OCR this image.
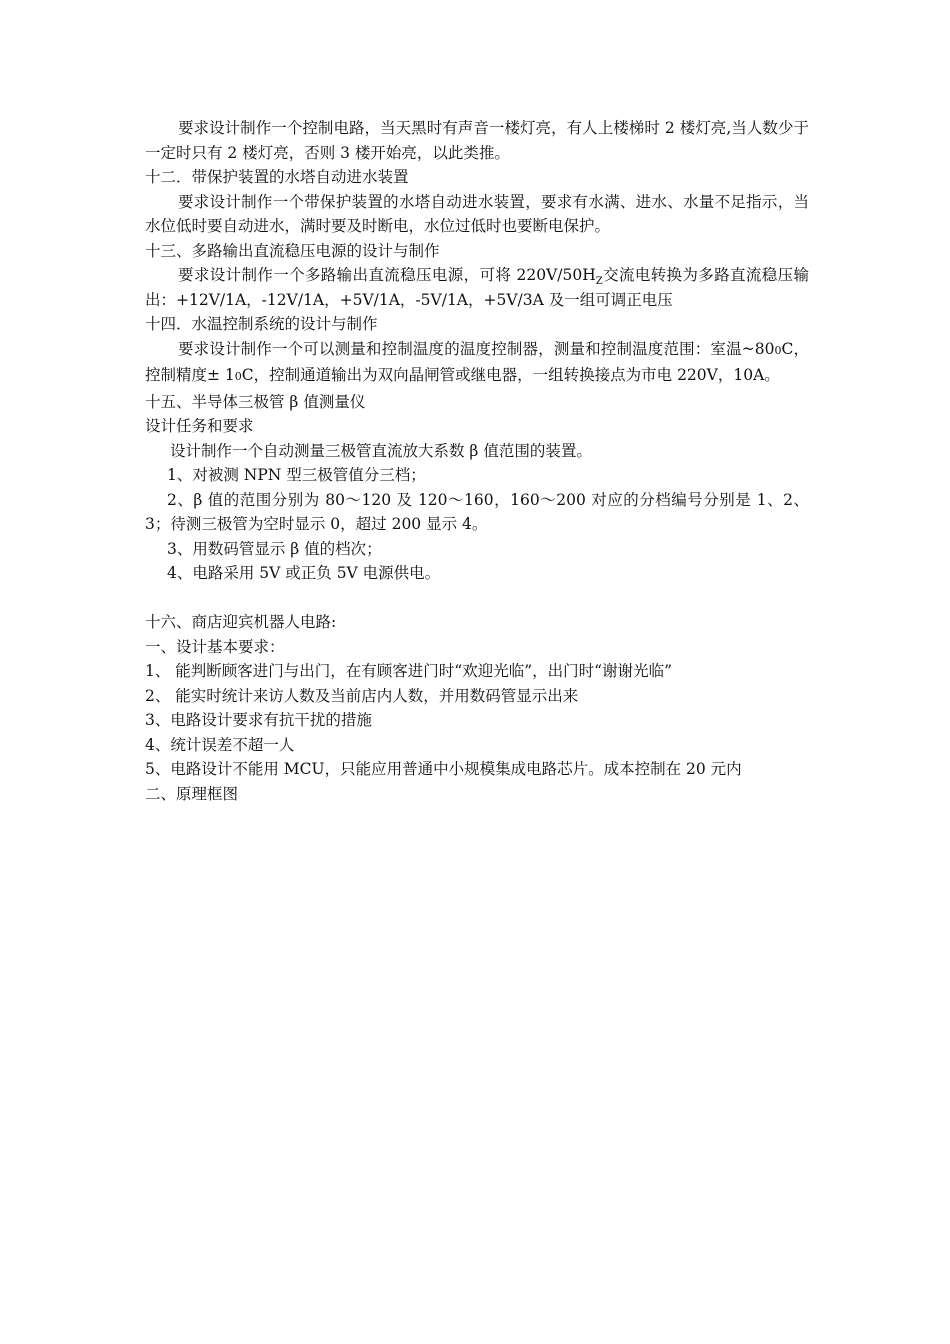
要求设计制作一个控制电路，当天黑时有声音一楼灯亮，有人上楼梯时 2 楼灯亮,当人数少于一定时只有 2 楼灯亮，否则 3 楼开始亮，以此类推。

十二．带保护装置的水塔自动进水装置

要求设计制作一个带保护装置的水塔自动进水装置，要求有水满、进水、水量不足指示，当水位低时要自动进水，满时要及时断电，水位过低时也要断电保护。

十三、多路输出直流稳压电源的设计与制作

要求设计制作一个多路输出直流稳压电源，可将 $220V/50H_Z$交流电转换为多路直流稳压输出：+12V/1A，-12V/1A，+5V/1A，-5V/1A，+5V/3A 及一组可调正电压

十四．水温控制系统的设计与制作

要求设计制作一个可以测量和控制温度的温度控制器，测量和控制温度范围：室温~800C，控制精度± 10C，控制通道输出为双向晶闸管或继电器，一组转换接点为市电 220V，10A。

十五、半导体三极管 β 值测量仪

设计任务和要求

设计制作一个自动测量三极管直流放大系数 β 值范围的装置。

1、对被测 NPN 型三极管值分三档；

2、β 值的范围分别为 80～120 及 120～160，160～200 对应的分档编号分别是 1、2、3；待测三极管为空时显示 0，超过 200 显示 4。

3、用数码管显示 β 值的档次；

4、电路采用 5V 或正负 5V 电源供电。

十六、商店迎宾机器人电路:

一、设计基本要求：

1、 能判断顾客进门与出门，在有顾客进门时“欢迎光临”，出门时“谢谢光临”

2、 能实时统计来访人数及当前店内人数，并用数码管显示出来

3、电路设计要求有抗干扰的措施

4、统计误差不超一人

5、电路设计不能用 MCU，只能应用普通中小规模集成电路芯片。成本控制在 20 元内

二、原理框图
